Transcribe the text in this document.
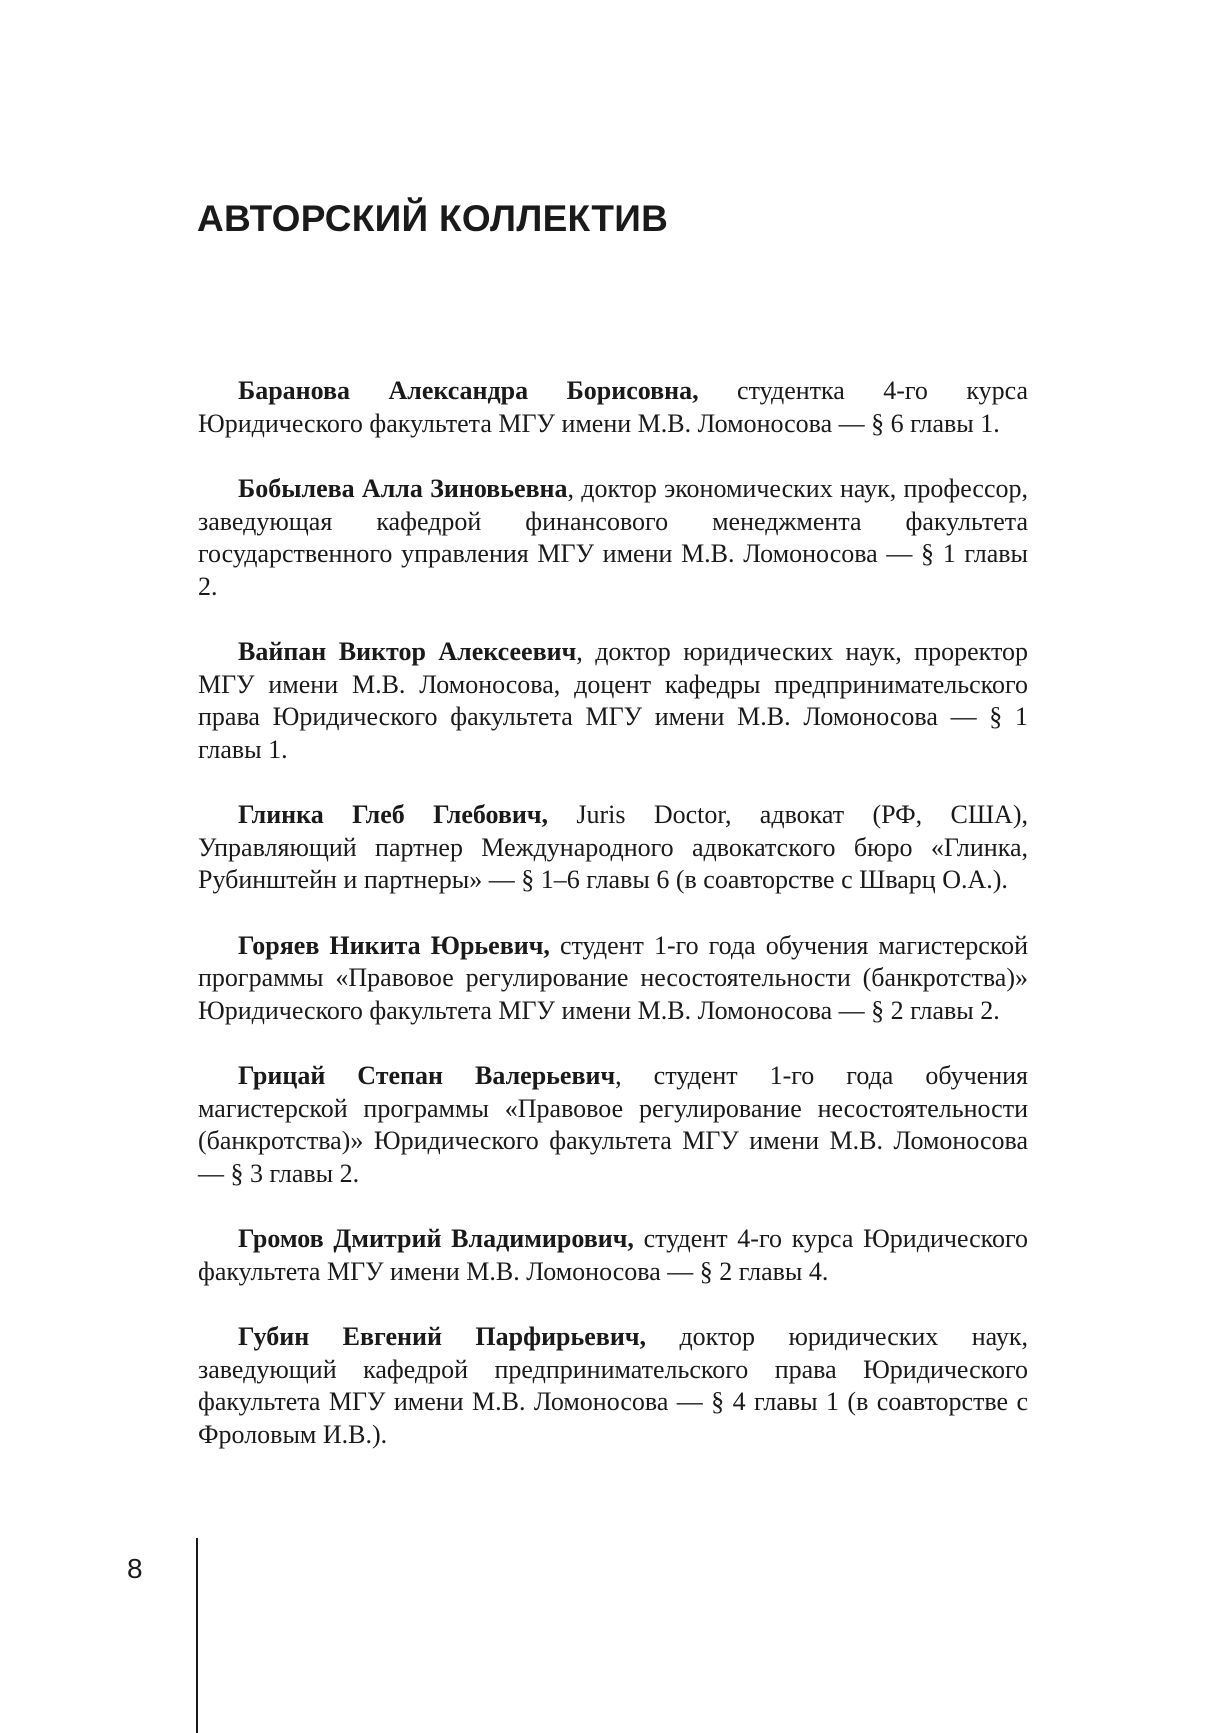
АВТОРСКИЙ КОЛЛЕКТИВ

Баранова Александра Борисовна, студентка 4-го курса Юридического факультета МГУ имени М.В. Ломоносова — § 6 главы 1.

Бобылева Алла Зиновьевна, доктор экономических наук, профессор, заведующая кафедрой финансового менеджмента факультета государственного управления МГУ имени М.В. Ломоносова — § 1 главы 2.

Вайпан Виктор Алексеевич, доктор юридических наук, проректор МГУ имени М.В. Ломоносова, доцент кафедры предпринимательского права Юридического факультета МГУ имени М.В. Ломоносова — § 1 главы 1.

Глинка Глеб Глебович, Juris Doctor, адвокат (РФ, США), Управляющий партнер Международного адвокатского бюро «Глинка, Рубинштейн и партнеры» — § 1–6 главы 6 (в соавторстве с Шварц О.А.).

Горяев Никита Юрьевич, студент 1-го года обучения магистерской программы «Правовое регулирование несостоятельности (банкротства)» Юридического факультета МГУ имени М.В. Ломоносова — § 2 главы 2.

Грицай Степан Валерьевич, студент 1-го года обучения магистерской программы «Правовое регулирование несостоятельности (банкротства)» Юридического факультета МГУ имени М.В. Ломоносова — § 3 главы 2.

Громов Дмитрий Владимирович, студент 4-го курса Юридического факультета МГУ имени М.В. Ломоносова — § 2 главы 4.

Губин Евгений Парфирьевич, доктор юридических наук, заведующий кафедрой предпринимательского права Юридического факультета МГУ имени М.В. Ломоносова — § 4 главы 1 (в соавторстве с Фроловым И.В.).

8
